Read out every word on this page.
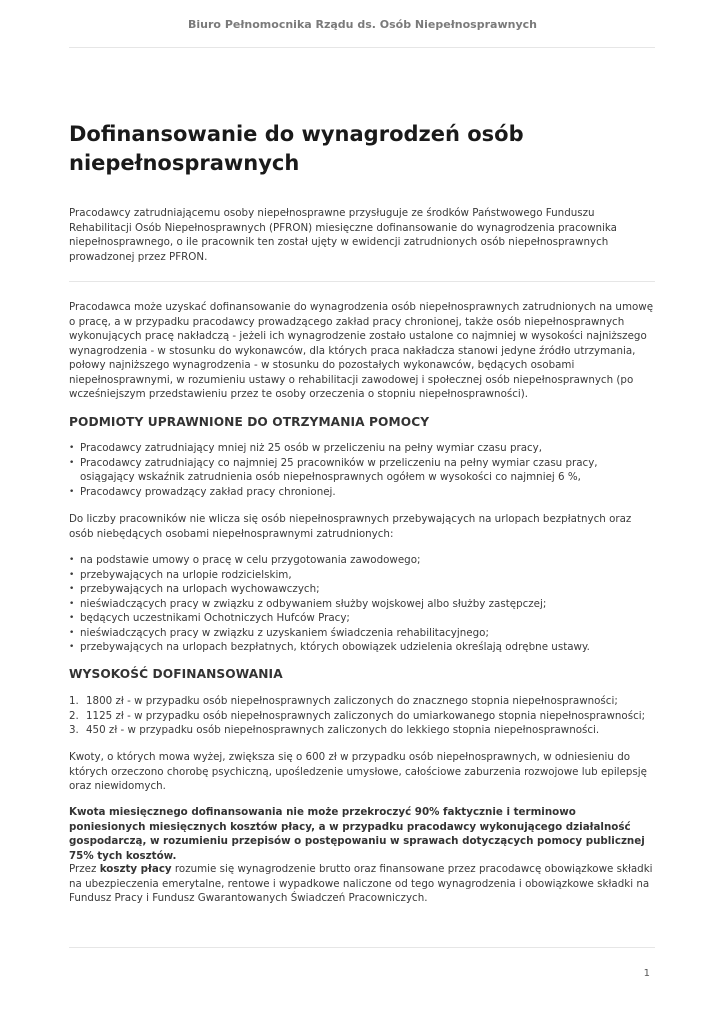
Biuro Pełnomocnika Rządu ds. Osób Niepełnosprawnych
Dofinansowanie do wynagrodzeń osób niepełnosprawnych

Pracodawcy zatrudniającemu osoby niepełnosprawne przysługuje ze środków Państwowego Funduszu Rehabilitacji Osób Niepełnosprawnych (PFRON) miesięczne dofinansowanie do wynagrodzenia pracownika niepełnosprawnego, o ile pracownik ten został ujęty w ewidencji zatrudnionych osób niepełnosprawnych prowadzonej przez PFRON.

Pracodawca może uzyskać dofinansowanie do wynagrodzenia osób niepełnosprawnych zatrudnionych na umowę o pracę, a w przypadku pracodawcy prowadzącego zakład pracy chronionej, także osób niepełnosprawnych wykonujących pracę nakładczą - jeżeli ich wynagrodzenie zostało ustalone co najmniej w wysokości najniższego wynagrodzenia - w stosunku do wykonawców, dla których praca nakładcza stanowi jedyne źródło utrzymania, połowy najniższego wynagrodzenia - w stosunku do pozostałych wykonawców, będących osobami niepełnosprawnymi, w rozumieniu ustawy o rehabilitacji zawodowej i społecznej osób niepełnosprawnych (po wcześniejszym przedstawieniu przez te osoby orzeczenia o stopniu niepełnosprawności).

PODMIOTY UPRAWNIONE DO OTRZYMANIA POMOCY
• Pracodawcy zatrudniający mniej niż 25 osób w przeliczeniu na pełny wymiar czasu pracy,
• Pracodawcy zatrudniający co najmniej 25 pracowników w przeliczeniu na pełny wymiar czasu pracy, osiągający wskaźnik zatrudnienia osób niepełnosprawnych ogółem w wysokości co najmniej 6 %,
• Pracodawcy prowadzący zakład pracy chronionej.

Do liczby pracowników nie wlicza się osób niepełnosprawnych przebywających na urlopach bezpłatnych oraz osób niebędących osobami niepełnosprawnymi zatrudnionych:

• na podstawie umowy o pracę w celu przygotowania zawodowego;
• przebywających na urlopie rodzicielskim,
• przebywających na urlopach wychowawczych;
• nieświadczących pracy w związku z odbywaniem służby wojskowej albo służby zastępczej;
• będących uczestnikami Ochotniczych Hufców Pracy;
• nieświadczących pracy w związku z uzyskaniem świadczenia rehabilitacyjnego;
• przebywających na urlopach bezpłatnych, których obowiązek udzielenia określają odrębne ustawy.
WYSOKOŚĆ DOFINANSOWANIA
1. 1800 zł - w przypadku osób niepełnosprawnych zaliczonych do znacznego stopnia niepełnosprawności;
2. 1125 zł - w przypadku osób niepełnosprawnych zaliczonych do umiarkowanego stopnia niepełnosprawności;
3. 450 zł - w przypadku osób niepełnosprawnych zaliczonych do lekkiego stopnia niepełnosprawności.

Kwoty, o których mowa wyżej, zwiększa się o 600 zł w przypadku osób niepełnosprawnych, w odniesieniu do których orzeczono chorobę psychiczną, upośledzenie umysłowe, całościowe zaburzenia rozwojowe lub epilepsję oraz niewidomych.

Kwota miesięcznego dofinansowania nie może przekroczyć 90% faktycznie i terminowo poniesionych miesięcznych kosztów płacy, a w przypadku pracodawcy wykonującego działalność gospodarczą, w rozumieniu przepisów o postępowaniu w sprawach dotyczących pomocy publicznej 75% tych kosztów.

Przez koszty płacy rozumie się wynagrodzenie brutto oraz finansowane przez pracodawcę obowiązkowe składki na ubezpieczenia emerytalne, rentowe i wypadkowe naliczone od tego wynagrodzenia i obowiązkowe składki na Fundusz Pracy i Fundusz Gwarantowanych Świadczeń Pracowniczych.

1
